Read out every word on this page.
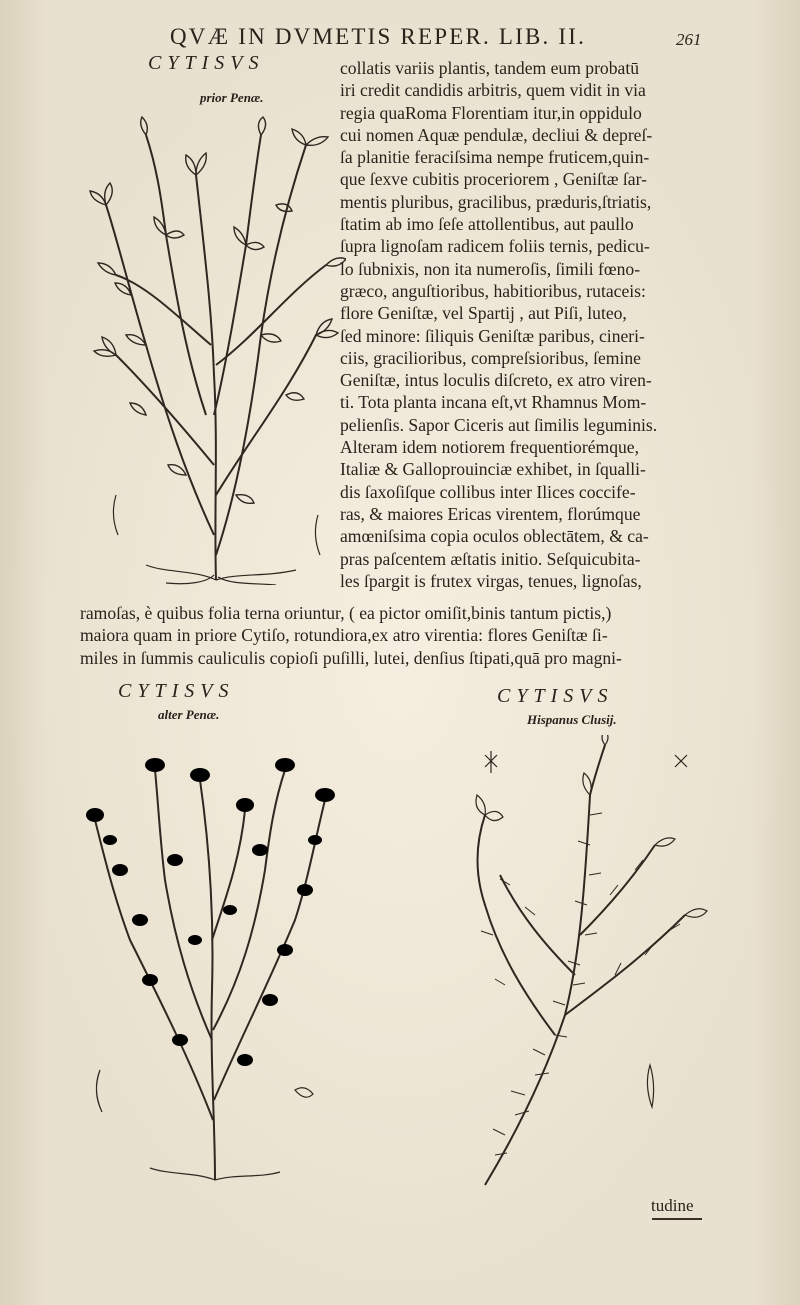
QVÆ IN DVMETIS REPER. LIB. II.	261
CYTISVS
prior Penæ.
collatis variis plantis, tandem eum probatū
iri credit candidis arbitris, quem vidit in via
regia quaRoma Florentiam itur,in oppidulo
cui nomen Aquæ pendulæ, decliui & depreſ-
ſa planitie feraciſsima nempe fruticem,quin-
que ſexve cubitis proceriorem , Geniſtæ ſar-
mentis pluribus, gracilibus, præduris,ſtriatis,
ſtatim ab imo ſeſe attollentibus, aut paullo
ſupra lignoſam radicem foliis ternis, pedicu-
lo ſubnixis, non ita numeroſis, ſimili fœno-
græco, anguſtioribus, habitioribus, rutaceis:
flore Geniſtæ, vel Spartij , aut Piſi, luteo,
ſed minore: ſiliquis Geniſtæ paribus, cineri-
ciis, gracilioribus, compreſsioribus, ſemine
Geniſtæ, intus loculis diſcreto, ex atro viren-
ti. Tota planta incana eſt,vt Rhamnus Mom-
pelienſis. Sapor Ciceris aut ſimilis leguminis.
Alteram idem notiorem frequentiorémque,
Italiæ & Galloprouinciæ exhibet, in ſqualli-
dis ſaxoſiſque collibus inter Ilices coccife-
ras, & maiores Ericas virentem, florúmque
amœniſsima copia oculos oblectātem, & ca-
pras paſcentem æſtatis initio. Seſquicubita-
les ſpargit is frutex virgas, tenues, lignoſas,
ramoſas, è quibus folia terna oriuntur, ( ea pictor omiſit,binis tantum pictis,)
maiora quam in priore Cytiſo, rotundiora,ex atro virentia: flores Geniſtæ ſi-
miles in ſummis cauliculis copioſi puſilli, lutei, denſius ſtipati,quā pro magni-
CYTISVS
alter Penæ.
CYTISVS
Hispanus Clusij.
tudine
